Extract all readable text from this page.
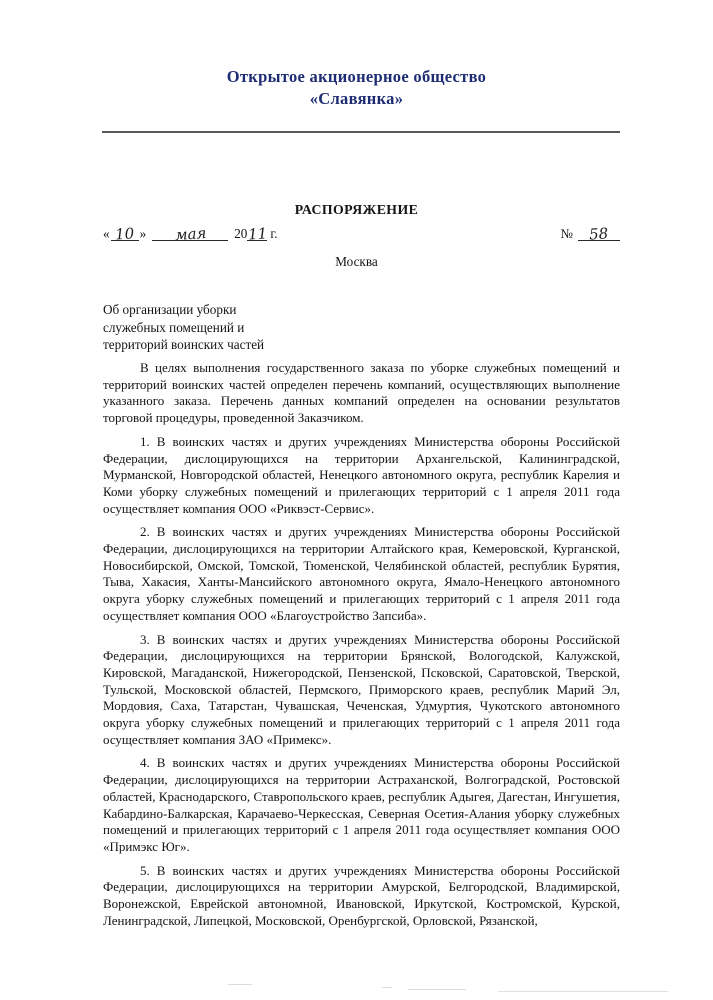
Открытое акционерное общество
«Славянка»
РАСПОРЯЖЕНИЕ
« 10 » мая 2011 г.	№ 58
Москва
Об организации уборки
служебных помещений и
территорий воинских частей

В целях выполнения государственного заказа по уборке служебных помещений и территорий воинских частей определен перечень компаний, осуществляющих выполнение указанного заказа. Перечень данных компаний определен на основании результатов торговой процедуры, проведенной Заказчиком.

1. В воинских частях и других учреждениях Министерства обороны Российской Федерации, дислоцирующихся на территории Архангельской, Калининградской, Мурманской, Новгородской областей, Ненецкого автономного округа, республик Карелия и Коми уборку служебных помещений и прилегающих территорий с 1 апреля 2011 года осуществляет компания ООО «Риквэст-Сервис».

2. В воинских частях и других учреждениях Министерства обороны Российской Федерации, дислоцирующихся на территории Алтайского края, Кемеровской, Курганской, Новосибирской, Омской, Томской, Тюменской, Челябинской областей, республик Бурятия, Тыва, Хакасия, Ханты-Мансийского автономного округа, Ямало-Ненецкого автономного округа уборку служебных помещений и прилегающих территорий с 1 апреля 2011 года осуществляет компания ООО «Благоустройство Запсиба».

3. В воинских частях и других учреждениях Министерства обороны Российской Федерации, дислоцирующихся на территории Брянской, Вологодской, Калужской, Кировской, Магаданской, Нижегородской, Пензенской, Псковской, Саратовской, Тверской, Тульской, Московской областей, Пермского, Приморского краев, республик Марий Эл, Мордовия, Саха, Татарстан, Чувашская, Чеченская, Удмуртия, Чукотского автономного округа уборку служебных помещений и прилегающих территорий с 1 апреля 2011 года осуществляет компания ЗАО «Примекс».

4. В воинских частях и других учреждениях Министерства обороны Российской Федерации, дислоцирующихся на территории Астраханской, Волгоградской, Ростовской областей, Краснодарского, Ставропольского краев, республик Адыгея, Дагестан, Ингушетия, Кабардино-Балкарская, Карачаево-Черкесская, Северная Осетия-Алания уборку служебных помещений и прилегающих территорий с 1 апреля 2011 года осуществляет компания ООО «Примэкс Юг».

5. В воинских частях и других учреждениях Министерства обороны Российской Федерации, дислоцирующихся на территории Амурской, Белгородской, Владимирской, Воронежской, Еврейской автономной, Ивановской, Иркутской, Костромской, Курской, Ленинградской, Липецкой, Московской, Оренбургской, Орловской, Рязанской,
